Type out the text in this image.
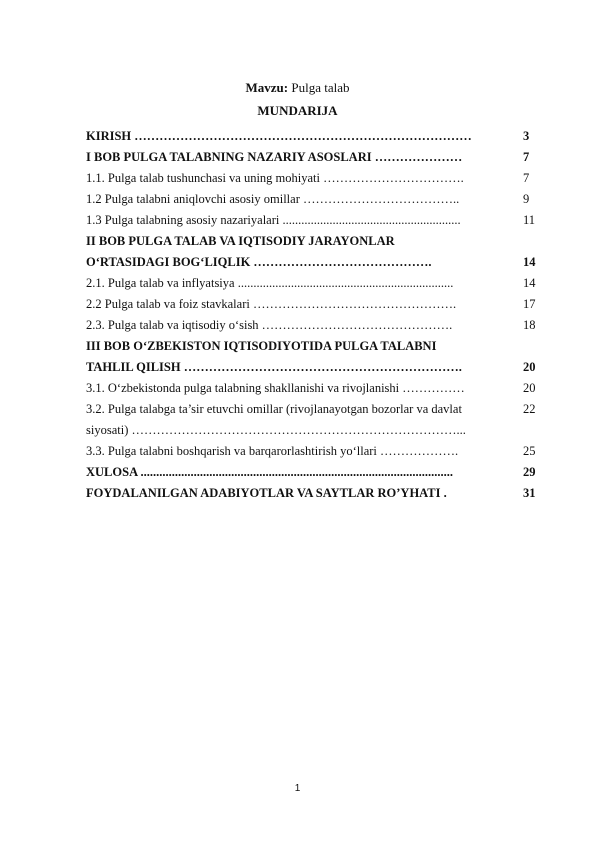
Mavzu: Pulga talab
MUNDARIJA
KIRISH ………………………………………………………………………	3
I BOB PULGA TALABNING NAZARIY ASOSLARI …………………	7
1.1. Pulga talab tushunchasi va uning mohiyati …………………………….	7
1.2 Pulga talabni aniqlovchi asosiy omillar ………………………………..	9
1.3 Pulga talabning asosiy nazariyalari .........................................................	11
II BOB PULGA TALAB VA IQTISODIY JARAYONLAR
O‘RTASIDAGI BOG‘LIQLIK …………………………………….	14
2.1. Pulga talab va inflyatsiya .....................................................................	14
2.2 Pulga talab va foiz stavkalari ………………………………………….	17
2.3. Pulga talab va iqtisodiy o‘sish ……………………………………….	18
III BOB O‘ZBEKISTON IQTISODIYOTIDA PULGA TALABNI
TAHLIL QILISH ………………………………………………………….	20
3.1. O‘zbekistonda pulga talabning shakllanishi va rivojlanishi ……………	20
3.2. Pulga talabga ta’sir etuvchi omillar (rivojlanayotgan bozorlar va davlat	22
siyosati) ……………………………………………………………………...
3.3. Pulga talabni boshqarish va barqarorlashtirish yo‘llari ……………….	25
XULOSA ....................................................................................................	29
FOYDALANILGAN ADABIYOTLAR VA SAYTLAR RO’YHATI .	31
1
